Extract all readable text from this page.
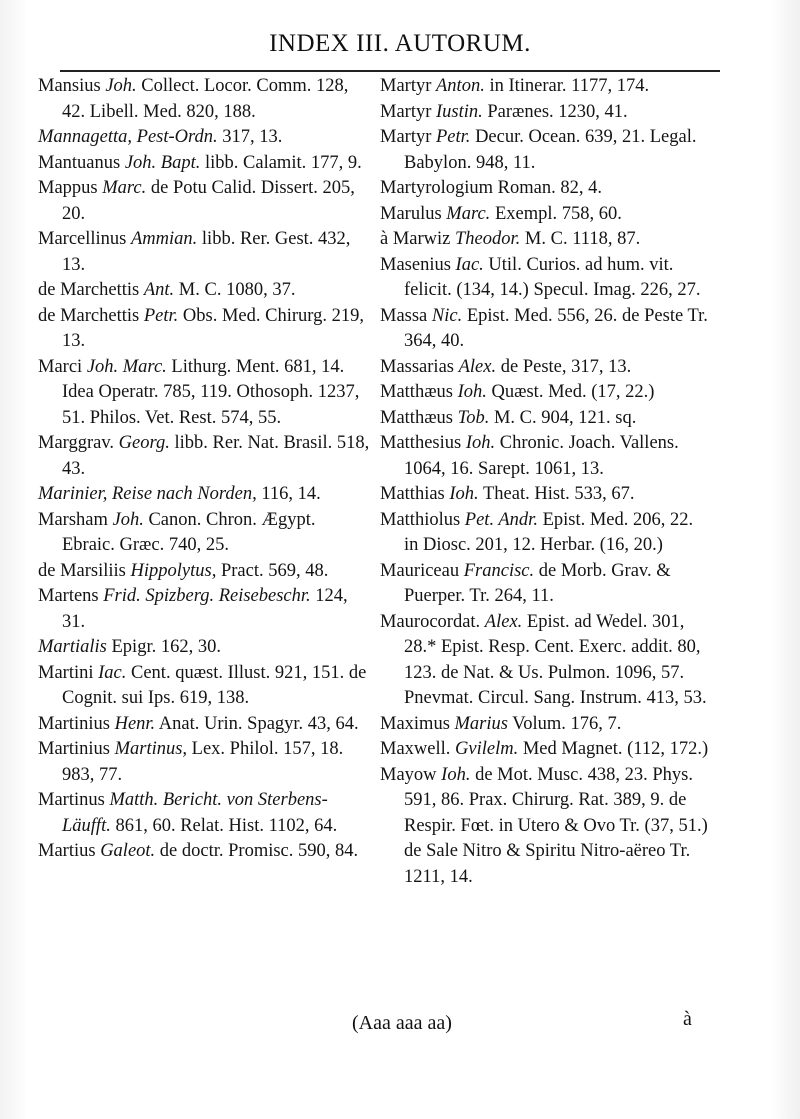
INDEX III. AUTORUM.

Mansius Joh. Collect. Locor. Comm. 128, 42. Libell. Med. 820, 188.

Mannagetta, Pest-Ordn. 317, 13.

Mantuanus Joh. Bapt. libb. Calamit. 177, 9.

Mappus Marc. de Potu Calid. Dissert. 205, 20.

Marcellinus Ammian. libb. Rer. Gest. 432, 13.

de Marchettis Ant. M. C. 1080, 37.

de Marchettis Petr. Obs. Med. Chirurg. 219, 13.

Marci Joh. Marc. Lithurg. Ment. 681, 14. Idea Operatr. 785, 119. Othosoph. 1237, 51. Philos. Vet. Rest. 574, 55.

Marggrav. Georg. libb. Rer. Nat. Brasil. 518, 43.

Marinier, Reise nach Norden, 116, 14.

Marsham Joh. Canon. Chron. Ægypt. Ebraic. Græc. 740, 25.

de Marsiliis Hippolytus, Pract. 569, 48.

Martens Frid. Spizberg. Reisebeschr. 124, 31.

Martialis Epigr. 162, 30.

Martini Iac. Cent. quæst. Illust. 921, 151. de Cognit. sui Ips. 619, 138.

Martinius Henr. Anat. Urin. Spagyr. 43, 64.

Martinius Martinus, Lex. Philol. 157, 18. 983, 77.

Martinus Matth. Bericht. von Sterbens-Läufft. 861, 60. Relat. Hist. 1102, 64.

Martius Galeot. de doctr. Promisc. 590, 84.

Martyr Anton. in Itinerar. 1177, 174.

Martyr Iustin. Parænes. 1230, 41.

Martyr Petr. Decur. Ocean. 639, 21. Legal. Babylon. 948, 11.

Martyrologium Roman. 82, 4.

Marulus Marc. Exempl. 758, 60.

à Marwiz Theodor. M. C. 1118, 87.

Masenius Iac. Util. Curios. ad hum. vit. felicit. (134, 14.) Specul. Imag. 226, 27.

Massa Nic. Epist. Med. 556, 26. de Peste Tr. 364, 40.

Massarias Alex. de Peste, 317, 13.

Matthæus Ioh. Quæst. Med. (17, 22.)

Matthæus Tob. M. C. 904, 121. sq.

Matthesius Ioh. Chronic. Joach. Vallens. 1064, 16. Sarept. 1061, 13.

Matthias Ioh. Theat. Hist. 533, 67.

Matthiolus Pet. Andr. Epist. Med. 206, 22. in Diosc. 201, 12. Herbar. (16, 20.)

Mauriceau Francisc. de Morb. Grav. & Puerper. Tr. 264, 11.

Maurocordat. Alex. Epist. ad Wedel. 301, 28.* Epist. Resp. Cent. Exerc. addit. 80, 123. de Nat. & Us. Pulmon. 1096, 57. Pnevmat. Circul. Sang. Instrum. 413, 53.

Maximus Marius Volum. 176, 7.

Maxwell. Gvilelm. Med Magnet. (112, 172.)

Mayow Ioh. de Mot. Musc. 438, 23. Phys. 591, 86. Prax. Chirurg. Rat. 389, 9. de Respir. Fœt. in Utero & Ovo Tr. (37, 51.) de Sale Nitro & Spiritu Nitro-aëreo Tr. 1211, 14.

(Aaa aaa aa)	à
